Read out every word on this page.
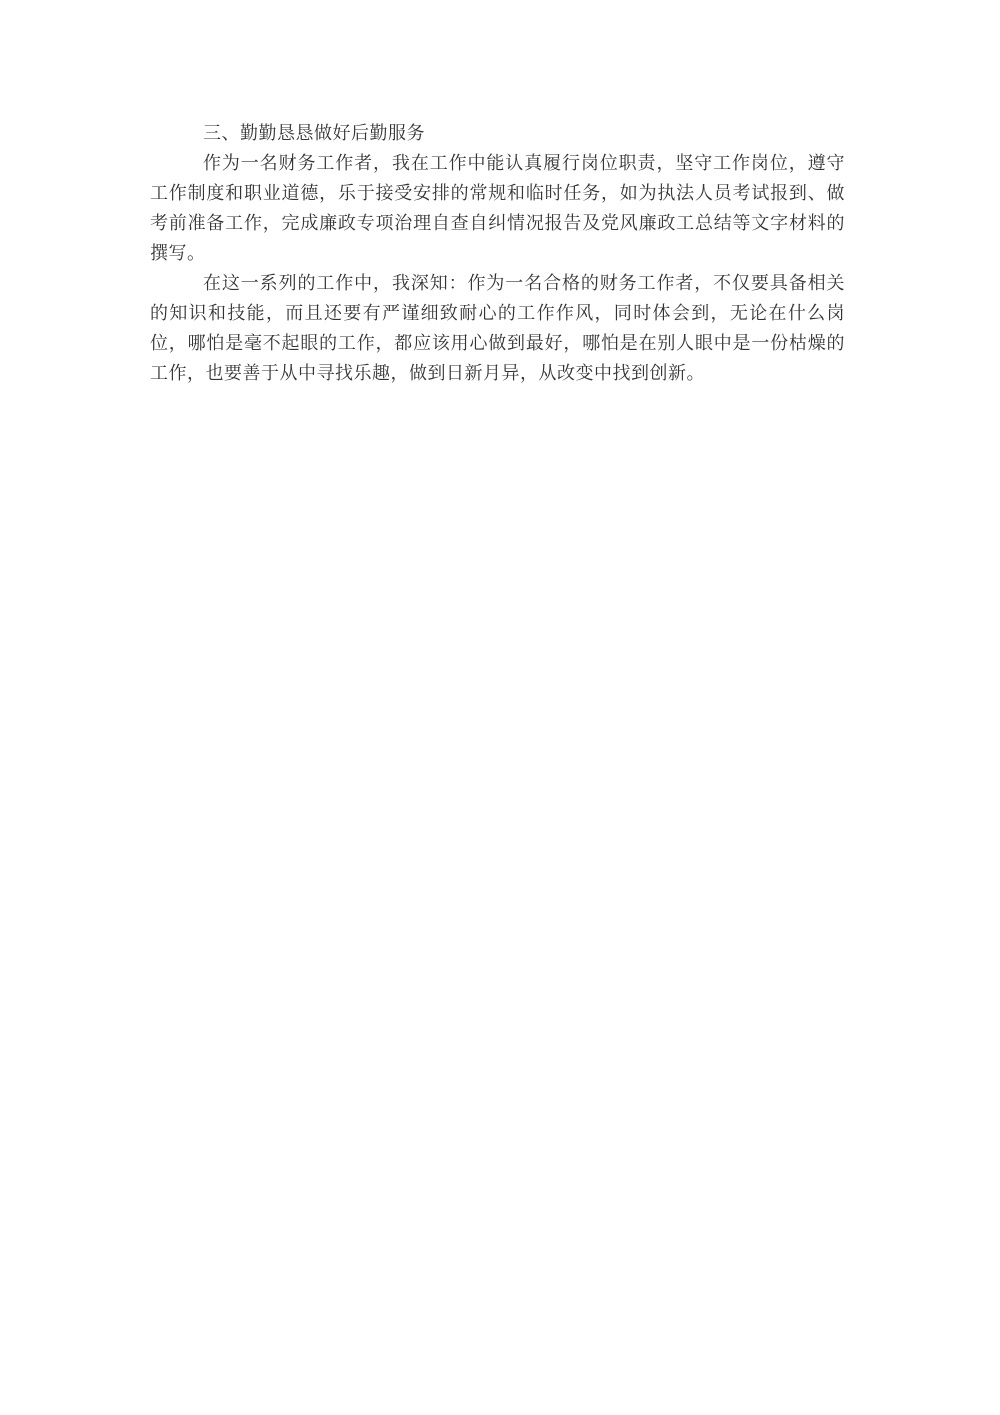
三、勤勤恳恳做好后勤服务

作为一名财务工作者，我在工作中能认真履行岗位职责，坚守工作岗位，遵守工作制度和职业道德，乐于接受安排的常规和临时任务，如为执法人员考试报到、做考前准备工作，完成廉政专项治理自查自纠情况报告及党风廉政工总结等文字材料的撰写。

在这一系列的工作中，我深知：作为一名合格的财务工作者，不仅要具备相关的知识和技能，而且还要有严谨细致耐心的工作作风，同时体会到，无论在什么岗位，哪怕是毫不起眼的工作，都应该用心做到最好，哪怕是在别人眼中是一份枯燥的工作，也要善于从中寻找乐趣，做到日新月异，从改变中找到创新。
